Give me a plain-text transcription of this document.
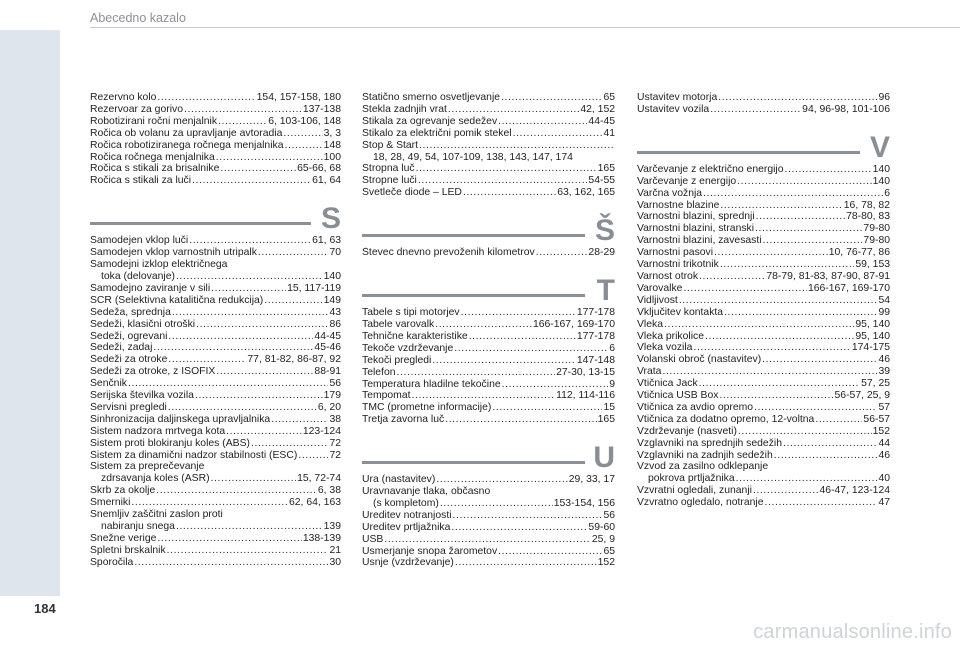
Abecedno kazalo
Rezervno kolo .....	154, 157-158, 180
Rezervoar za gorivo .....	137-138
Robotizirani ročni menjalnik .....	6, 103-106, 148
Ročica ob volanu za upravljanje avtoradia .....	3, 3
Ročica robotiziranega ročnega menjalnika .....	148
Ročica ročnega menjalnika .....	100
Ročica s stikali za brisalnike .....	65-66, 68
Ročica s stikali za luči .....	61, 64
S
Samodejen vklop luči .....	61, 63
Samodejen vklop varnostnih utripalk .....	70
Samodejni izklop električnega
toka (delovanje) .....	140
Samodejno zaviranje v sili .....	15, 117-119
SCR (Selektivna katalitična redukcija) .....	149
Sedeža, sprednja .....	43
Sedeži, klasični otroški .....	86
Sedeži, ogrevani .....	44-45
Sedeži, zadaj .....	45-46
Sedeži za otroke .....	77, 81-82, 86-87, 92
Sedeži za otroke, z ISOFIX .....	88-91
Senčnik .....	56
Serijska številka vozila .....	179
Servisni pregledi .....	6, 20
Sinhronizacija daljinskega upravljalnika .....	38
Sistem nadzora mrtvega kota .....	123-124
Sistem proti blokiranju koles (ABS) .....	72
Sistem za dinamični nadzor stabilnosti (ESC) .....	72
Sistem za preprečevanje
zdrsavanja koles (ASR) .....	15, 72-74
Skrb za okolje .....	6, 38
Smerniki .....	62, 64, 163
Snemljiv zaščitni zaslon proti
nabiranju snega .....	139
Snežne verige .....	138-139
Spletni brskalnik .....	21
Sporočila .....	30
Statično smerno osvetljevanje .....	65
Stekla zadnjih vrat .....	42, 152
Stikala za ogrevanje sedežev .....	44-45
Stikalo za električni pomik stekel .....	41
Stop & Start
.....
18, 28, 49, 54, 107-109, 138, 143, 147, 174
Stropna luč .....	165
Stropne luči .....	54-55
Svetleče diode – LED .....	63, 162, 165
Š
Števec dnevno prevoženih kilometrov .....	28-29
T
Tabele s tipi motorjev .....	177-178
Tabele varovalk .....	166-167, 169-170
Tehnične karakteristike .....	177-178
Tekoče vzdrževanje .....	6
Tekoči pregledi .....	147-148
Telefon .....	27-30, 13-15
Temperatura hladilne tekočine .....	9
Tempomat .....	112, 114-116
TMC (prometne informacije) .....	15
Tretja zavorna luč .....	165
U
Ura (nastavitev) .....	29, 33, 17
Uravnavanje tlaka, občasno
(s kompletom) .....	153-154, 156
Ureditev notranjosti .....	56
Ureditev prtljažnika .....	59-60
USB .....	25, 9
Usmerjanje snopa žarometov .....	65
Usnje (vzdrževanje) .....	152
Ustavitev motorja .....	96
Ustavitev vozila .....	94, 96-98, 101-106
V
Varčevanje z električno energijo .....	140
Varčevanje z energijo .....	140
Varčna vožnja .....	6
Varnostne blazine .....	16, 78, 82
Varnostni blazini, sprednji .....	78-80, 83
Varnostni blazini, stranski .....	79-80
Varnostni blazini, zavesasti .....	79-80
Varnostni pasovi .....	10, 76-77, 86
Varnostni trikotnik .....	59, 153
Varnost otrok .....	78-79, 81-83, 87-90, 87-91
Varovalke .....	166-167, 169-170
Vidljivost .....	54
Vključitev kontakta .....	99
Vleka .....	95, 140
Vleka prikolice .....	95, 140
Vleka vozila .....	174-175
Volanski obroč (nastavitev) .....	46
Vrata .....	39
Vtičnica Jack .....	57, 25
Vtičnica USB Box .....	56-57, 25, 9
Vtičnica za avdio opremo .....	57
Vtičnica za dodatno opremo, 12-voltna .....	56-57
Vzdrževanje (nasveti) .....	152
Vzglavniki na sprednjih sedežih .....	44
Vzglavniki na zadnjih sedežih .....	46
Vzvod za zasilno odklepanje
pokrova prtljažnika .....	40
Vzvratni ogledali, zunanji .....	46-47, 123-124
Vzvratno ogledalo, notranje .....	47
184
carmanualsonline.info
